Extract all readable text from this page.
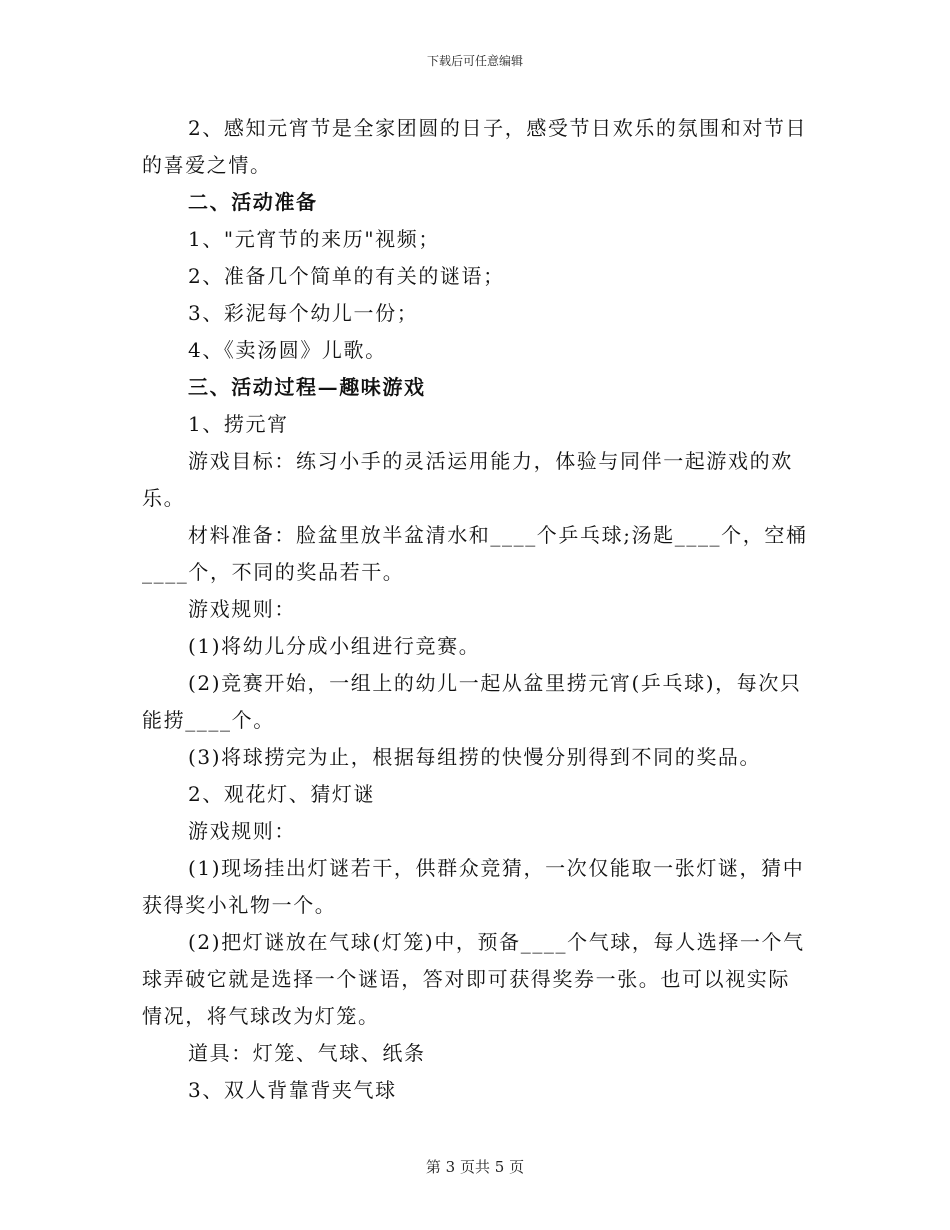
下载后可任意编辑

2、感知元宵节是全家团圆的日子，感受节日欢乐的氛围和对节日的喜爱之情。

二、活动准备

1、"元宵节的来历"视频；

2、准备几个简单的有关的谜语；

3、彩泥每个幼儿一份；

4、《卖汤圆》儿歌。

三、活动过程—趣味游戏

1、捞元宵

游戏目标：练习小手的灵活运用能力，体验与同伴一起游戏的欢乐。

材料准备：脸盆里放半盆清水和____个乒乓球;汤匙____个，空桶____个，不同的奖品若干。

游戏规则：

(1)将幼儿分成小组进行竞赛。

(2)竞赛开始，一组上的幼儿一起从盆里捞元宵(乒乓球)，每次只能捞____个。

(3)将球捞完为止，根据每组捞的快慢分别得到不同的奖品。

2、观花灯、猜灯谜

游戏规则：

(1)现场挂出灯谜若干，供群众竞猜，一次仅能取一张灯谜，猜中获得奖小礼物一个。

(2)把灯谜放在气球(灯笼)中，预备____个气球，每人选择一个气球弄破它就是选择一个谜语，答对即可获得奖券一张。也可以视实际情况，将气球改为灯笼。

道具：灯笼、气球、纸条

3、双人背靠背夹气球

第 3 页共 5 页
